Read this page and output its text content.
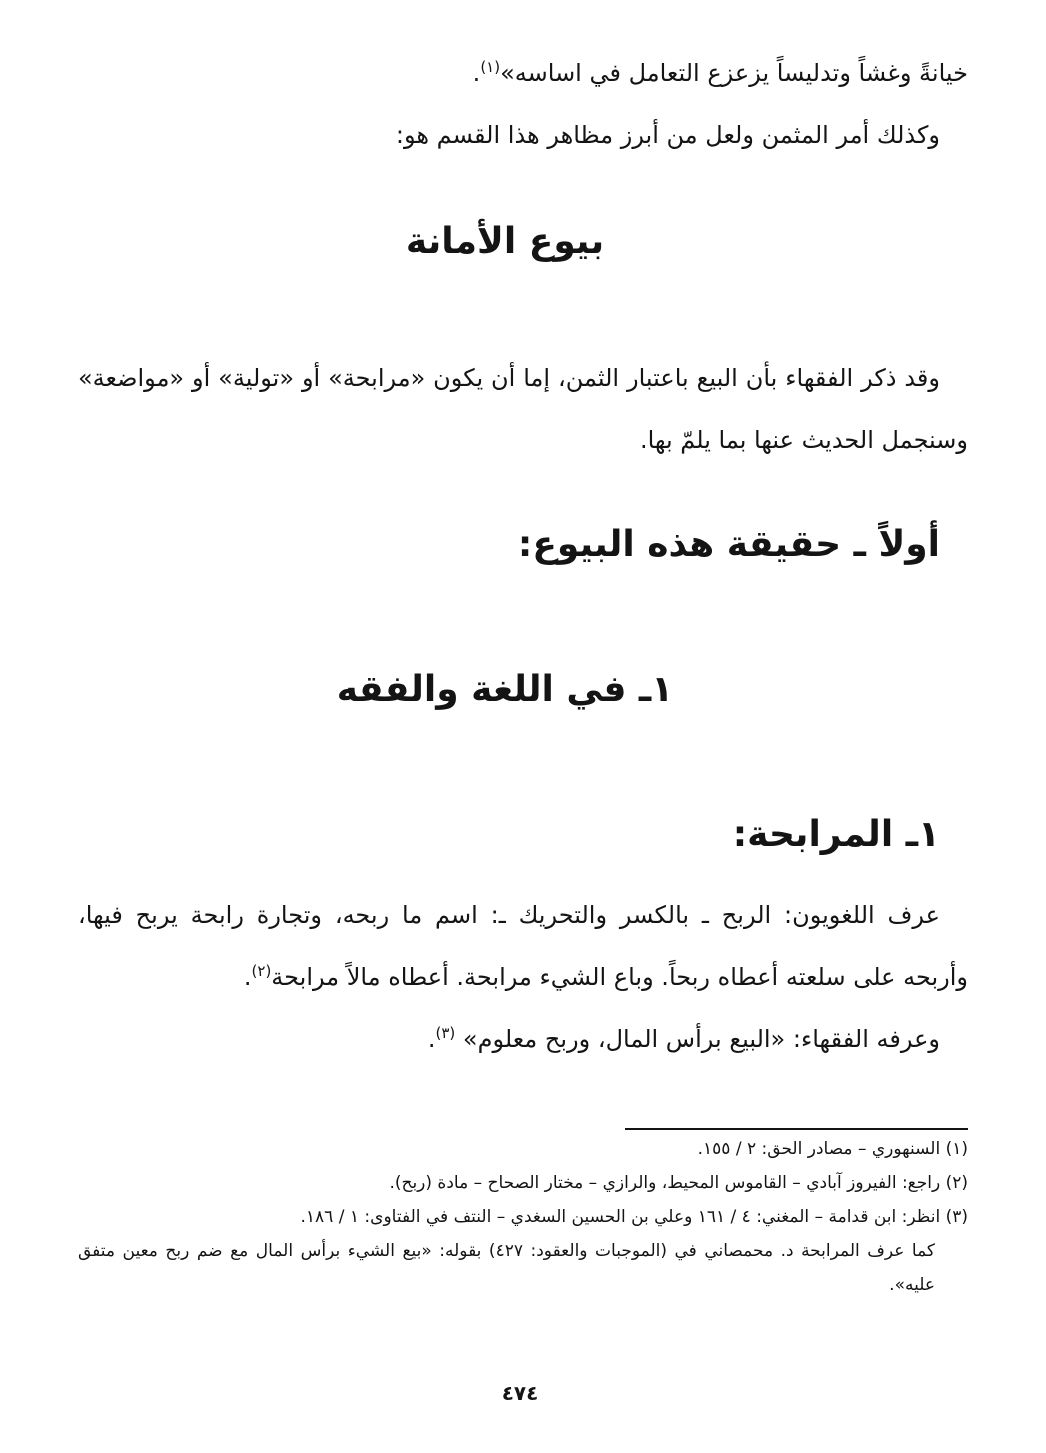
خيانةً وغشاً وتدليساً يزعزع التعامل في اساسه»$^{(١)}$.

وكذلك أمر المثمن ولعل من أبرز مظاهر هذا القسم هو:

بيوع الأمانة

وقد ذكر الفقهاء بأن البيع باعتبار الثمن، إما أن يكون «مرابحة» أو «تولية» أو «مواضعة» وسنجمل الحديث عنها بما يلمّ بها.

أولاً ـ حقيقة هذه البيوع:
١ـ في اللغة والفقه
١ـ المرابحة:

عرف اللغويون: الربح ـ بالكسر والتحريك ـ: اسم ما ربحه، وتجارة رابحة يربح فيها، وأربحه على سلعته أعطاه ربحاً. وباع الشيء مرابحة. أعطاه مالاً مرابحة$^{(٢)}$.

وعرفه الفقهاء: «البيع برأس المال، وربح معلوم» $^{(٣)}$.

(١) السنهوري – مصادر الحق: ٢ / ١٥٥.

(٢) راجع: الفيروز آبادي – القاموس المحيط، والرازي – مختار الصحاح – مادة (ربح).

(٣) انظر: ابن قدامة – المغني: ٤ / ١٦١ وعلي بن الحسين السغدي – النتف في الفتاوى: ١ / ١٨٦.

كما عرف المرابحة د. محمصاني في (الموجبات والعقود: ٤٢٧) بقوله: «بيع الشيء برأس المال مع ضم ربح معين متفق عليه».

٤٧٤
